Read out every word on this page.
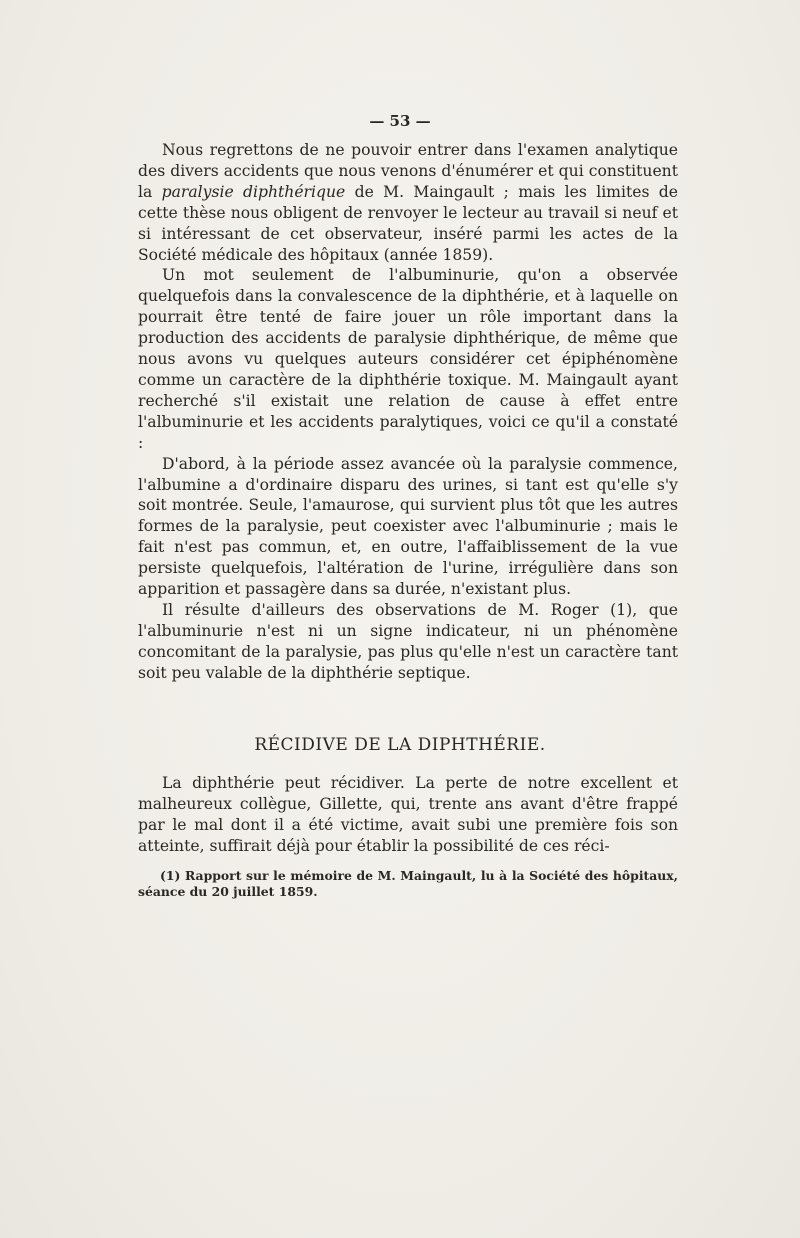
— 53 —

Nous regrettons de ne pouvoir entrer dans l'examen analytique des divers accidents que nous venons d'énumérer et qui constituent la paralysie diphthérique de M. Maingault ; mais les limites de cette thèse nous obligent de renvoyer le lecteur au travail si neuf et si intéressant de cet observateur, inséré parmi les actes de la Société médicale des hôpitaux (année 1859).

Un mot seulement de l'albuminurie, qu'on a observée quelquefois dans la convalescence de la diphthérie, et à laquelle on pourrait être tenté de faire jouer un rôle important dans la production des accidents de paralysie diphthérique, de même que nous avons vu quelques auteurs considérer cet épiphénomène comme un caractère de la diphthérie toxique. M. Maingault ayant recherché s'il existait une relation de cause à effet entre l'albuminurie et les accidents paralytiques, voici ce qu'il a constaté :

D'abord, à la période assez avancée où la paralysie commence, l'albumine a d'ordinaire disparu des urines, si tant est qu'elle s'y soit montrée. Seule, l'amaurose, qui survient plus tôt que les autres formes de la paralysie, peut coexister avec l'albuminurie ; mais le fait n'est pas commun, et, en outre, l'affaiblissement de la vue persiste quelquefois, l'altération de l'urine, irrégulière dans son apparition et passagère dans sa durée, n'existant plus.

Il résulte d'ailleurs des observations de M. Roger (1), que l'albuminurie n'est ni un signe indicateur, ni un phénomène concomitant de la paralysie, pas plus qu'elle n'est un caractère tant soit peu valable de la diphthérie septique.

RÉCIDIVE DE LA DIPHTHÉRIE.

La diphthérie peut récidiver. La perte de notre excellent et malheureux collègue, Gillette, qui, trente ans avant d'être frappé par le mal dont il a été victime, avait subi une première fois son atteinte, suffirait déjà pour établir la possibilité de ces réci-

(1) Rapport sur le mémoire de M. Maingault, lu à la Société des hôpitaux, séance du 20 juillet 1859.
